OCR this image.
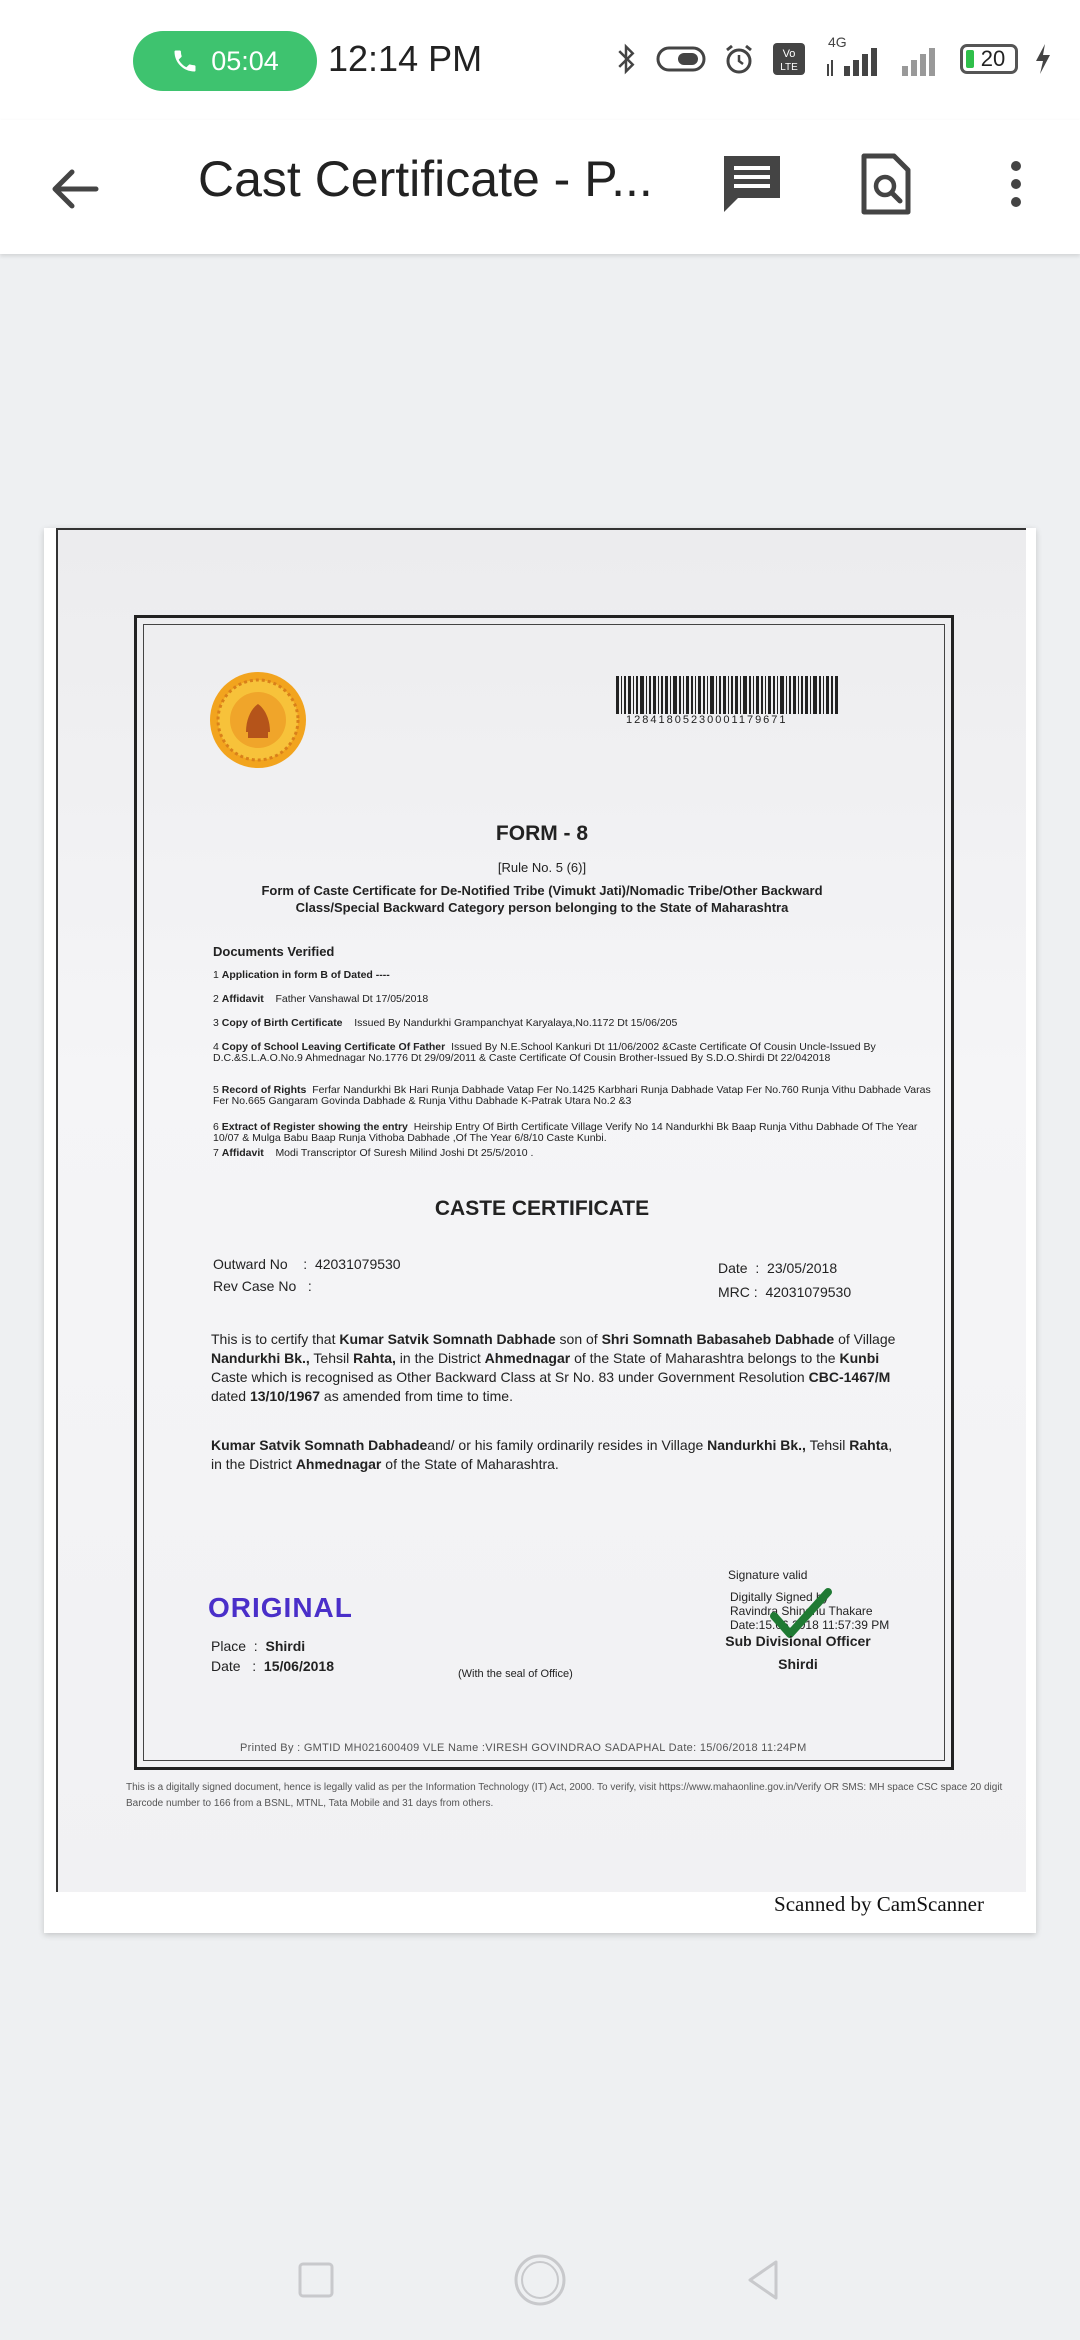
05:04 12:14 PM	Vo
LTE
4G
20
Cast Certificate - P...
12841805230001179671
FORM - 8
[Rule No. 5 (6)]
Form of Caste Certificate for De-Notified Tribe (Vimukt Jati)/Nomadic Tribe/Other Backward Class/Special Backward Category person belonging to the State of Maharashtra
Documents Verified
1 Application in form B of Dated ----
2 Affidavit Father Vanshawal Dt 17/05/2018
3 Copy of Birth Certificate Issued By Nandurkhi Grampanchyat Karyalaya,No.1172 Dt 15/06/205
4 Copy of School Leaving Certificate Of Father Issued By N.E.School Kankuri Dt 11/06/2002 &Caste Certificate Of Cousin Uncle-Issued By D.C.&S.L.A.O.No.9 Ahmednagar No.1776 Dt 29/09/2011 & Caste Certificate Of Cousin Brother-Issued By S.D.O.Shirdi Dt 22/042018
5 Record of Rights Ferfar Nandurkhi Bk Hari Runja Dabhade Vatap Fer No.1425 Karbhari Runja Dabhade Vatap Fer No.760 Runja Vithu Dabhade Varas Fer No.665 Gangaram Govinda Dabhade & Runja Vithu Dabhade K-Patrak Utara No.2 &3
6 Extract of Register showing the entry Heirship Entry Of Birth Certificate Village Verify No 14 Nandurkhi Bk Baap Runja Vithu Dabhade Of The Year 10/07 & Mulga Babu Baap Runja Vithoba Dabhade ,Of The Year 6/8/10 Caste Kunbi.
7 Affidavit Modi Transcriptor Of Suresh Milind Joshi Dt 25/5/2010 .
CASTE CERTIFICATE
Outward No    :  42031079530
Rev Case No   :
Date  :  23/05/2018
MRC :  42031079530
This is to certify that Kumar Satvik Somnath Dabhade son of Shri Somnath Babasaheb Dabhade of Village Nandurkhi Bk., Tehsil Rahta, in the District Ahmednagar of the State of Maharashtra belongs to the Kunbi Caste which is recognised as Other Backward Class at Sr No. 83 under Government Resolution CBC-1467/M dated 13/10/1967 as amended from time to time.
Kumar Satvik Somnath Dabhadeand/ or his family ordinarily resides in Village Nandurkhi Bk., Tehsil Rahta, in the District Ahmednagar of the State of Maharashtra.
Signature valid
Digitally Signed by
Ravindra Shindhu Thakare
Date:15.06.2018 11:57:39 PM
Sub Divisional Officer
Shirdi
ORIGINAL
Place  :  Shirdi
Date   :  15/06/2018	(With the seal of Office)
Printed By : GMTID MH021600409 VLE Name :VIRESH GOVINDRAO SADAPHAL Date: 15/06/2018 11:24PM
This is a digitally signed document, hence is legally valid as per the Information Technology (IT) Act, 2000. To verify, visit https://www.mahaonline.gov.in/Verify OR SMS: MH space CSC space 20 digit Barcode number to 166 from a BSNL, MTNL, Tata Mobile and 31 days from others.
Scanned by CamScanner
